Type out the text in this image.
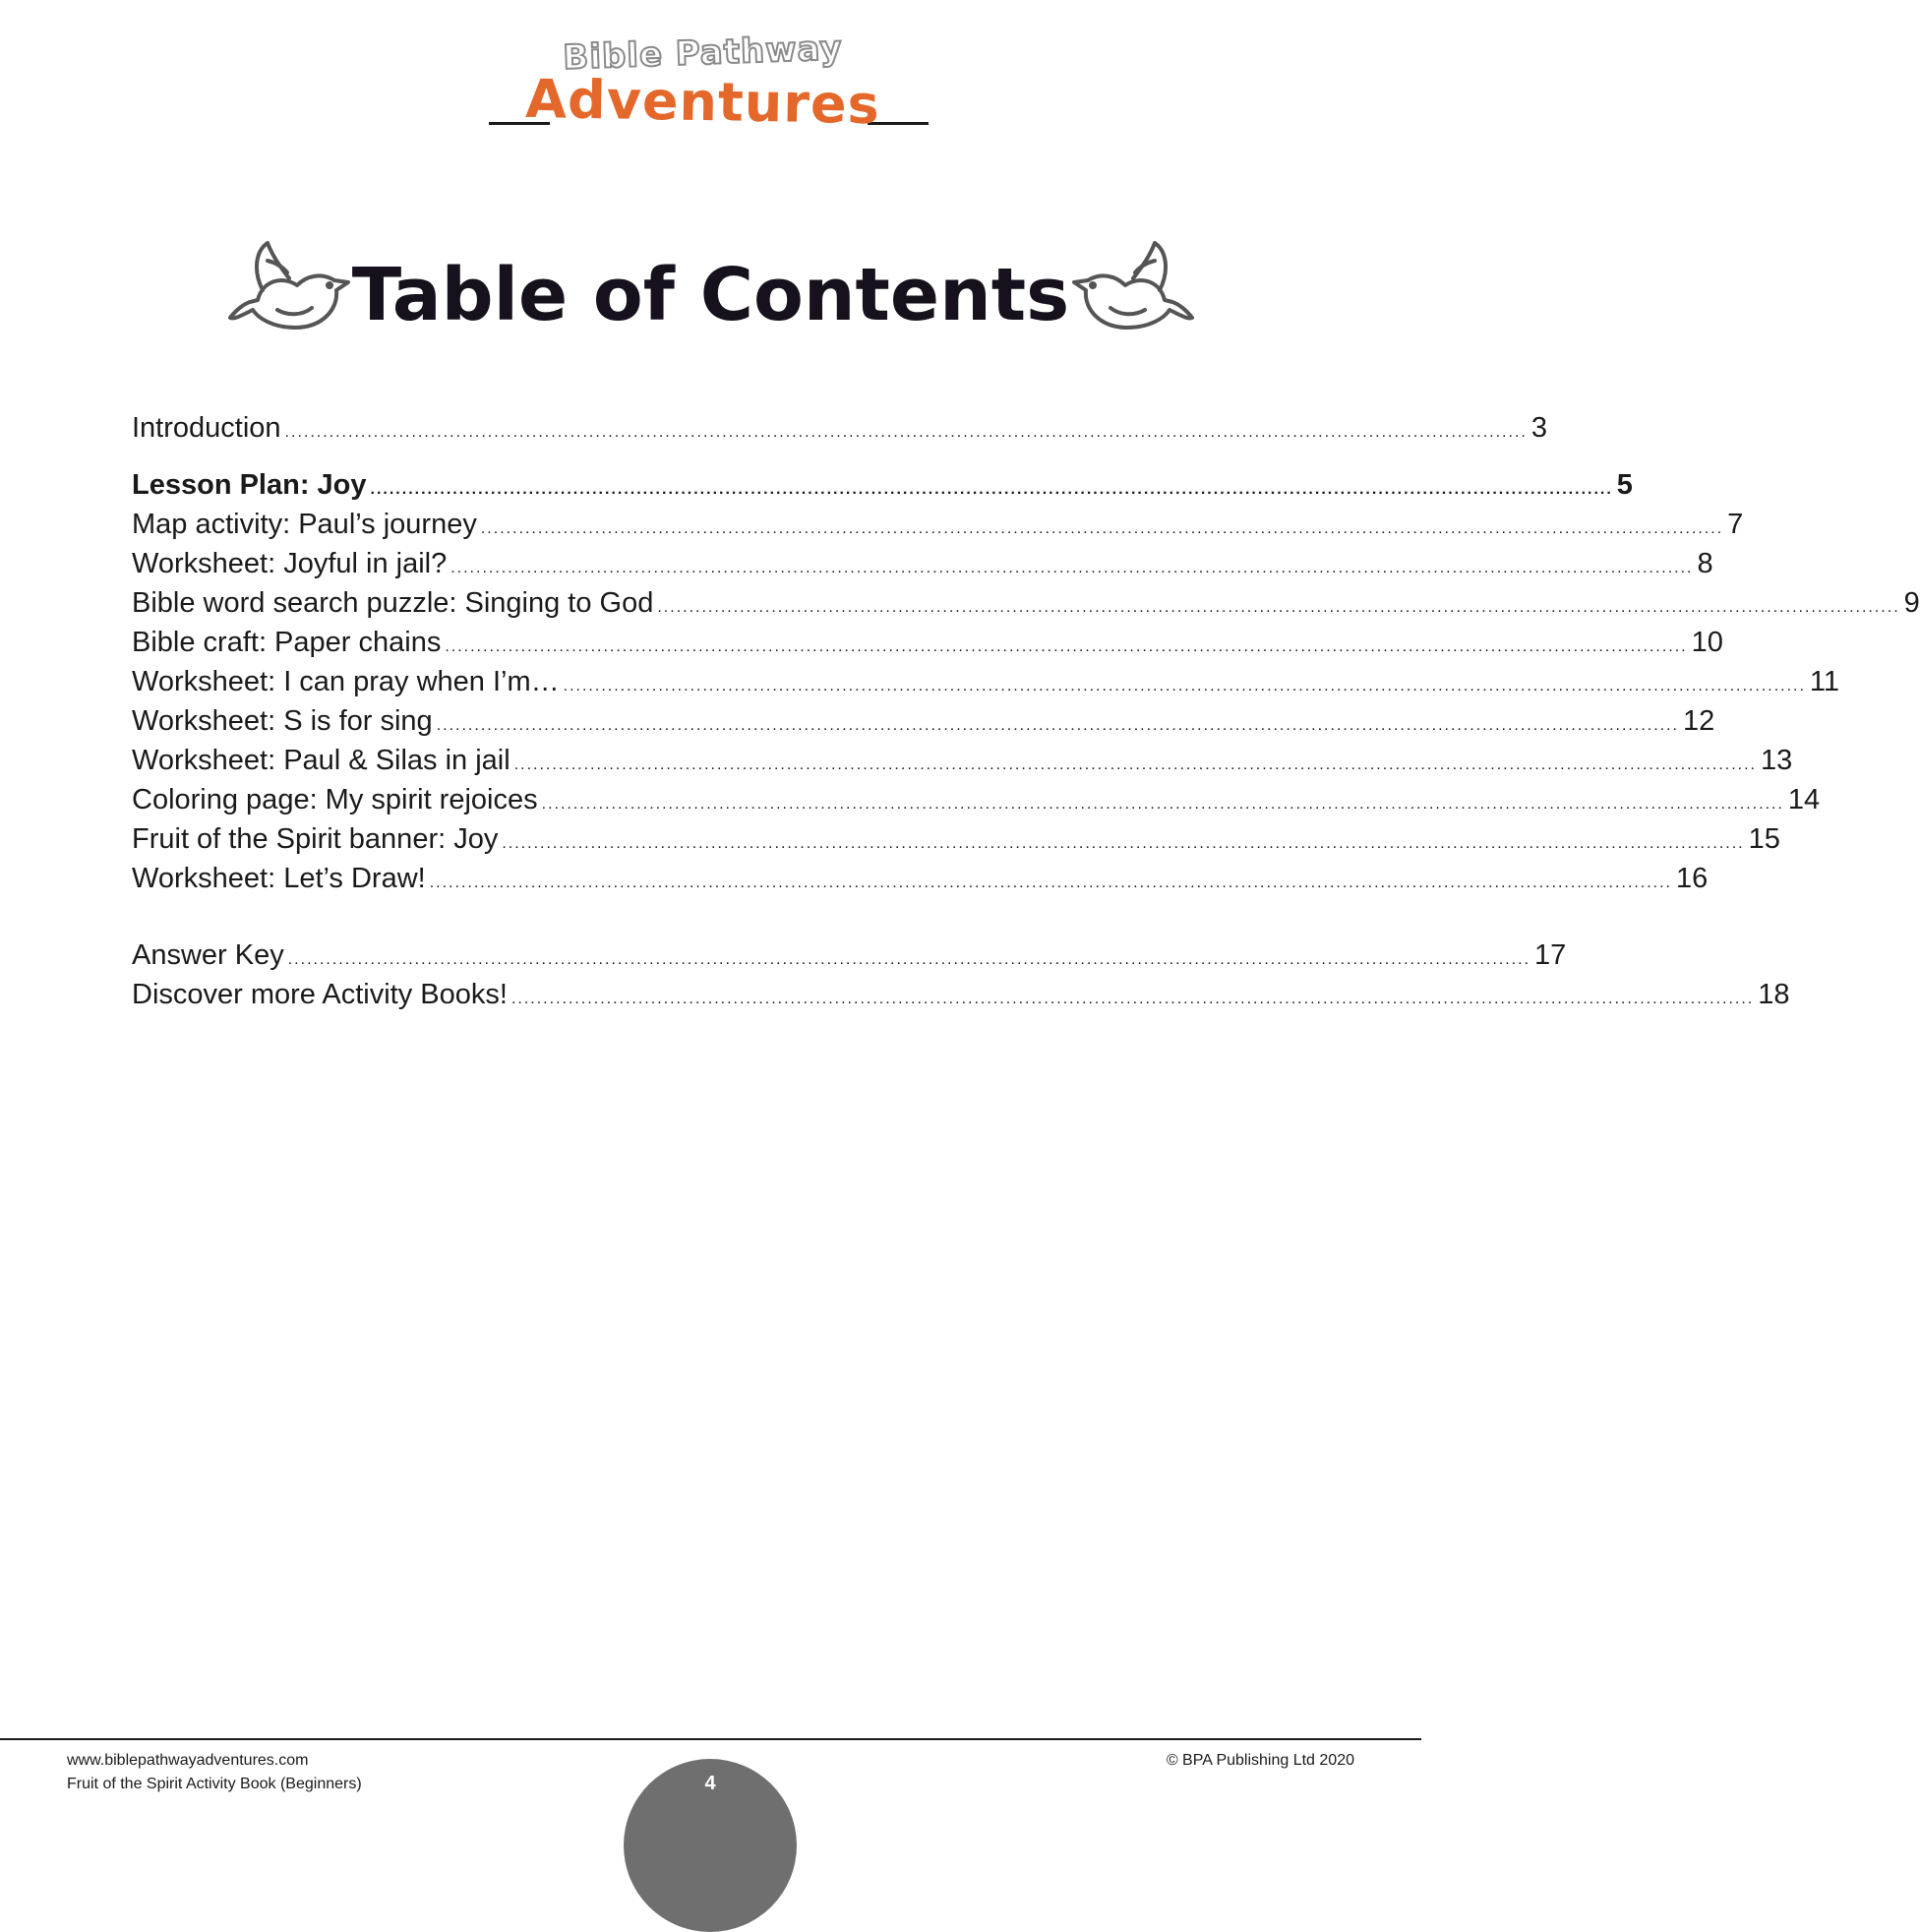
Bible Pathway
Adventures
Table of Contents
Introduction .................................................................................................................................................................................................... 3
Lesson Plan: Joy .................................................................................................................................................................................................... 5
Map activity: Paul’s journey .................................................................................................................................................................................................... 7
Worksheet: Joyful in jail? .................................................................................................................................................................................................... 8
Bible word search puzzle: Singing to God .................................................................................................................................................................................................... 9
Bible craft: Paper chains .................................................................................................................................................................................................... 10
Worksheet: I can pray when I’m… .................................................................................................................................................................................................... 11
Worksheet: S is for sing .................................................................................................................................................................................................... 12
Worksheet: Paul & Silas in jail .................................................................................................................................................................................................... 13
Coloring page: My spirit rejoices .................................................................................................................................................................................................... 14
Fruit of the Spirit banner: Joy .................................................................................................................................................................................................... 15
Worksheet: Let’s Draw! .................................................................................................................................................................................................... 16
Answer Key .................................................................................................................................................................................................... 17
Discover more Activity Books! .................................................................................................................................................................................................... 18
www.biblepathwayadventures.com
Fruit of the Spirit Activity Book (Beginners)
© BPA Publishing Ltd 2020
4
